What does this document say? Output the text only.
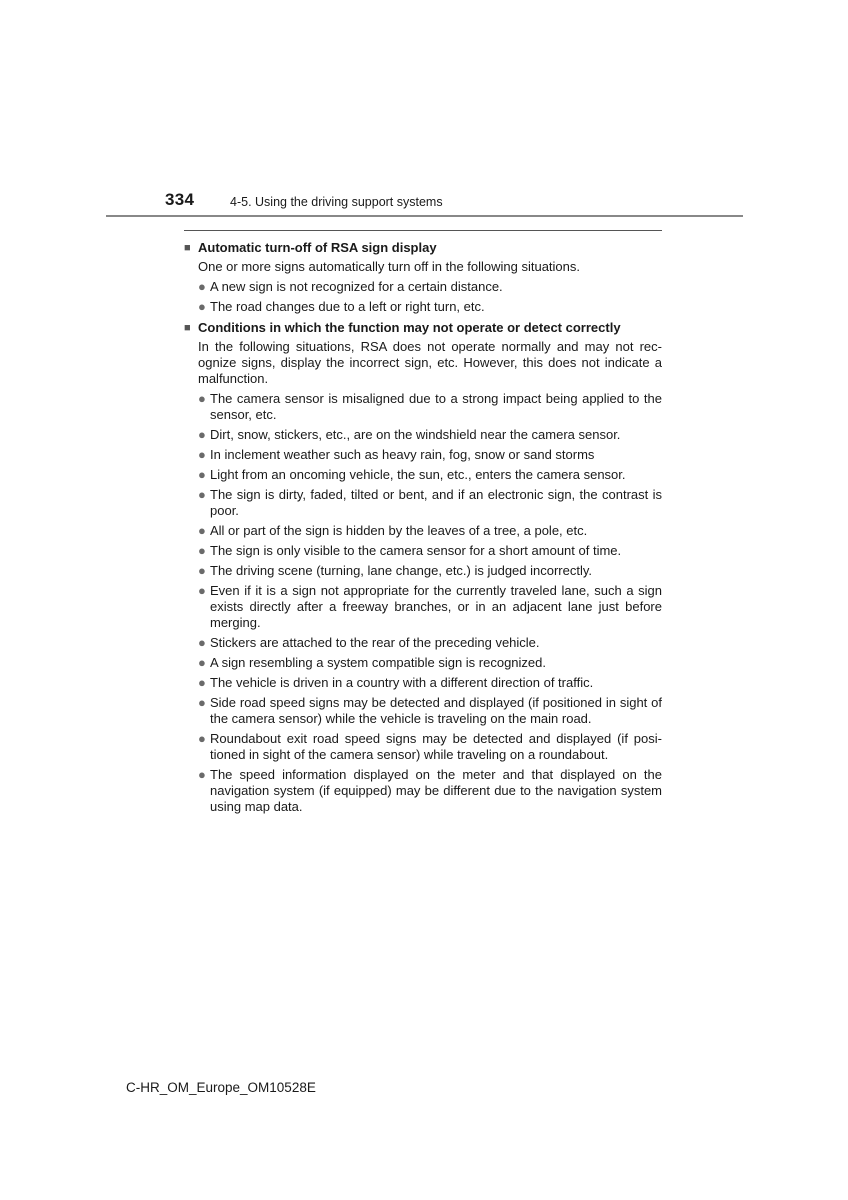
334	4-5. Using the driving support systems
■ Automatic turn-off of RSA sign display
One or more signs automatically turn off in the following situations.
● A new sign is not recognized for a certain distance.
● The road changes due to a left or right turn, etc.
■ Conditions in which the function may not operate or detect correctly
In the following situations, RSA does not operate normally and may not recognize signs, display the incorrect sign, etc. However, this does not indicate a malfunction.
● The camera sensor is misaligned due to a strong impact being applied to the sensor, etc.
● Dirt, snow, stickers, etc., are on the windshield near the camera sensor.
● In inclement weather such as heavy rain, fog, snow or sand storms
● Light from an oncoming vehicle, the sun, etc., enters the camera sensor.
● The sign is dirty, faded, tilted or bent, and if an electronic sign, the contrast is poor.
● All or part of the sign is hidden by the leaves of a tree, a pole, etc.
● The sign is only visible to the camera sensor for a short amount of time.
● The driving scene (turning, lane change, etc.) is judged incorrectly.
● Even if it is a sign not appropriate for the currently traveled lane, such a sign exists directly after a freeway branches, or in an adjacent lane just before merging.
● Stickers are attached to the rear of the preceding vehicle.
● A sign resembling a system compatible sign is recognized.
● The vehicle is driven in a country with a different direction of traffic.
● Side road speed signs may be detected and displayed (if positioned in sight of the camera sensor) while the vehicle is traveling on the main road.
● Roundabout exit road speed signs may be detected and displayed (if positioned in sight of the camera sensor) while traveling on a roundabout.
● The speed information displayed on the meter and that displayed on the navigation system (if equipped) may be different due to the navigation system using map data.
C-HR_OM_Europe_OM10528E
